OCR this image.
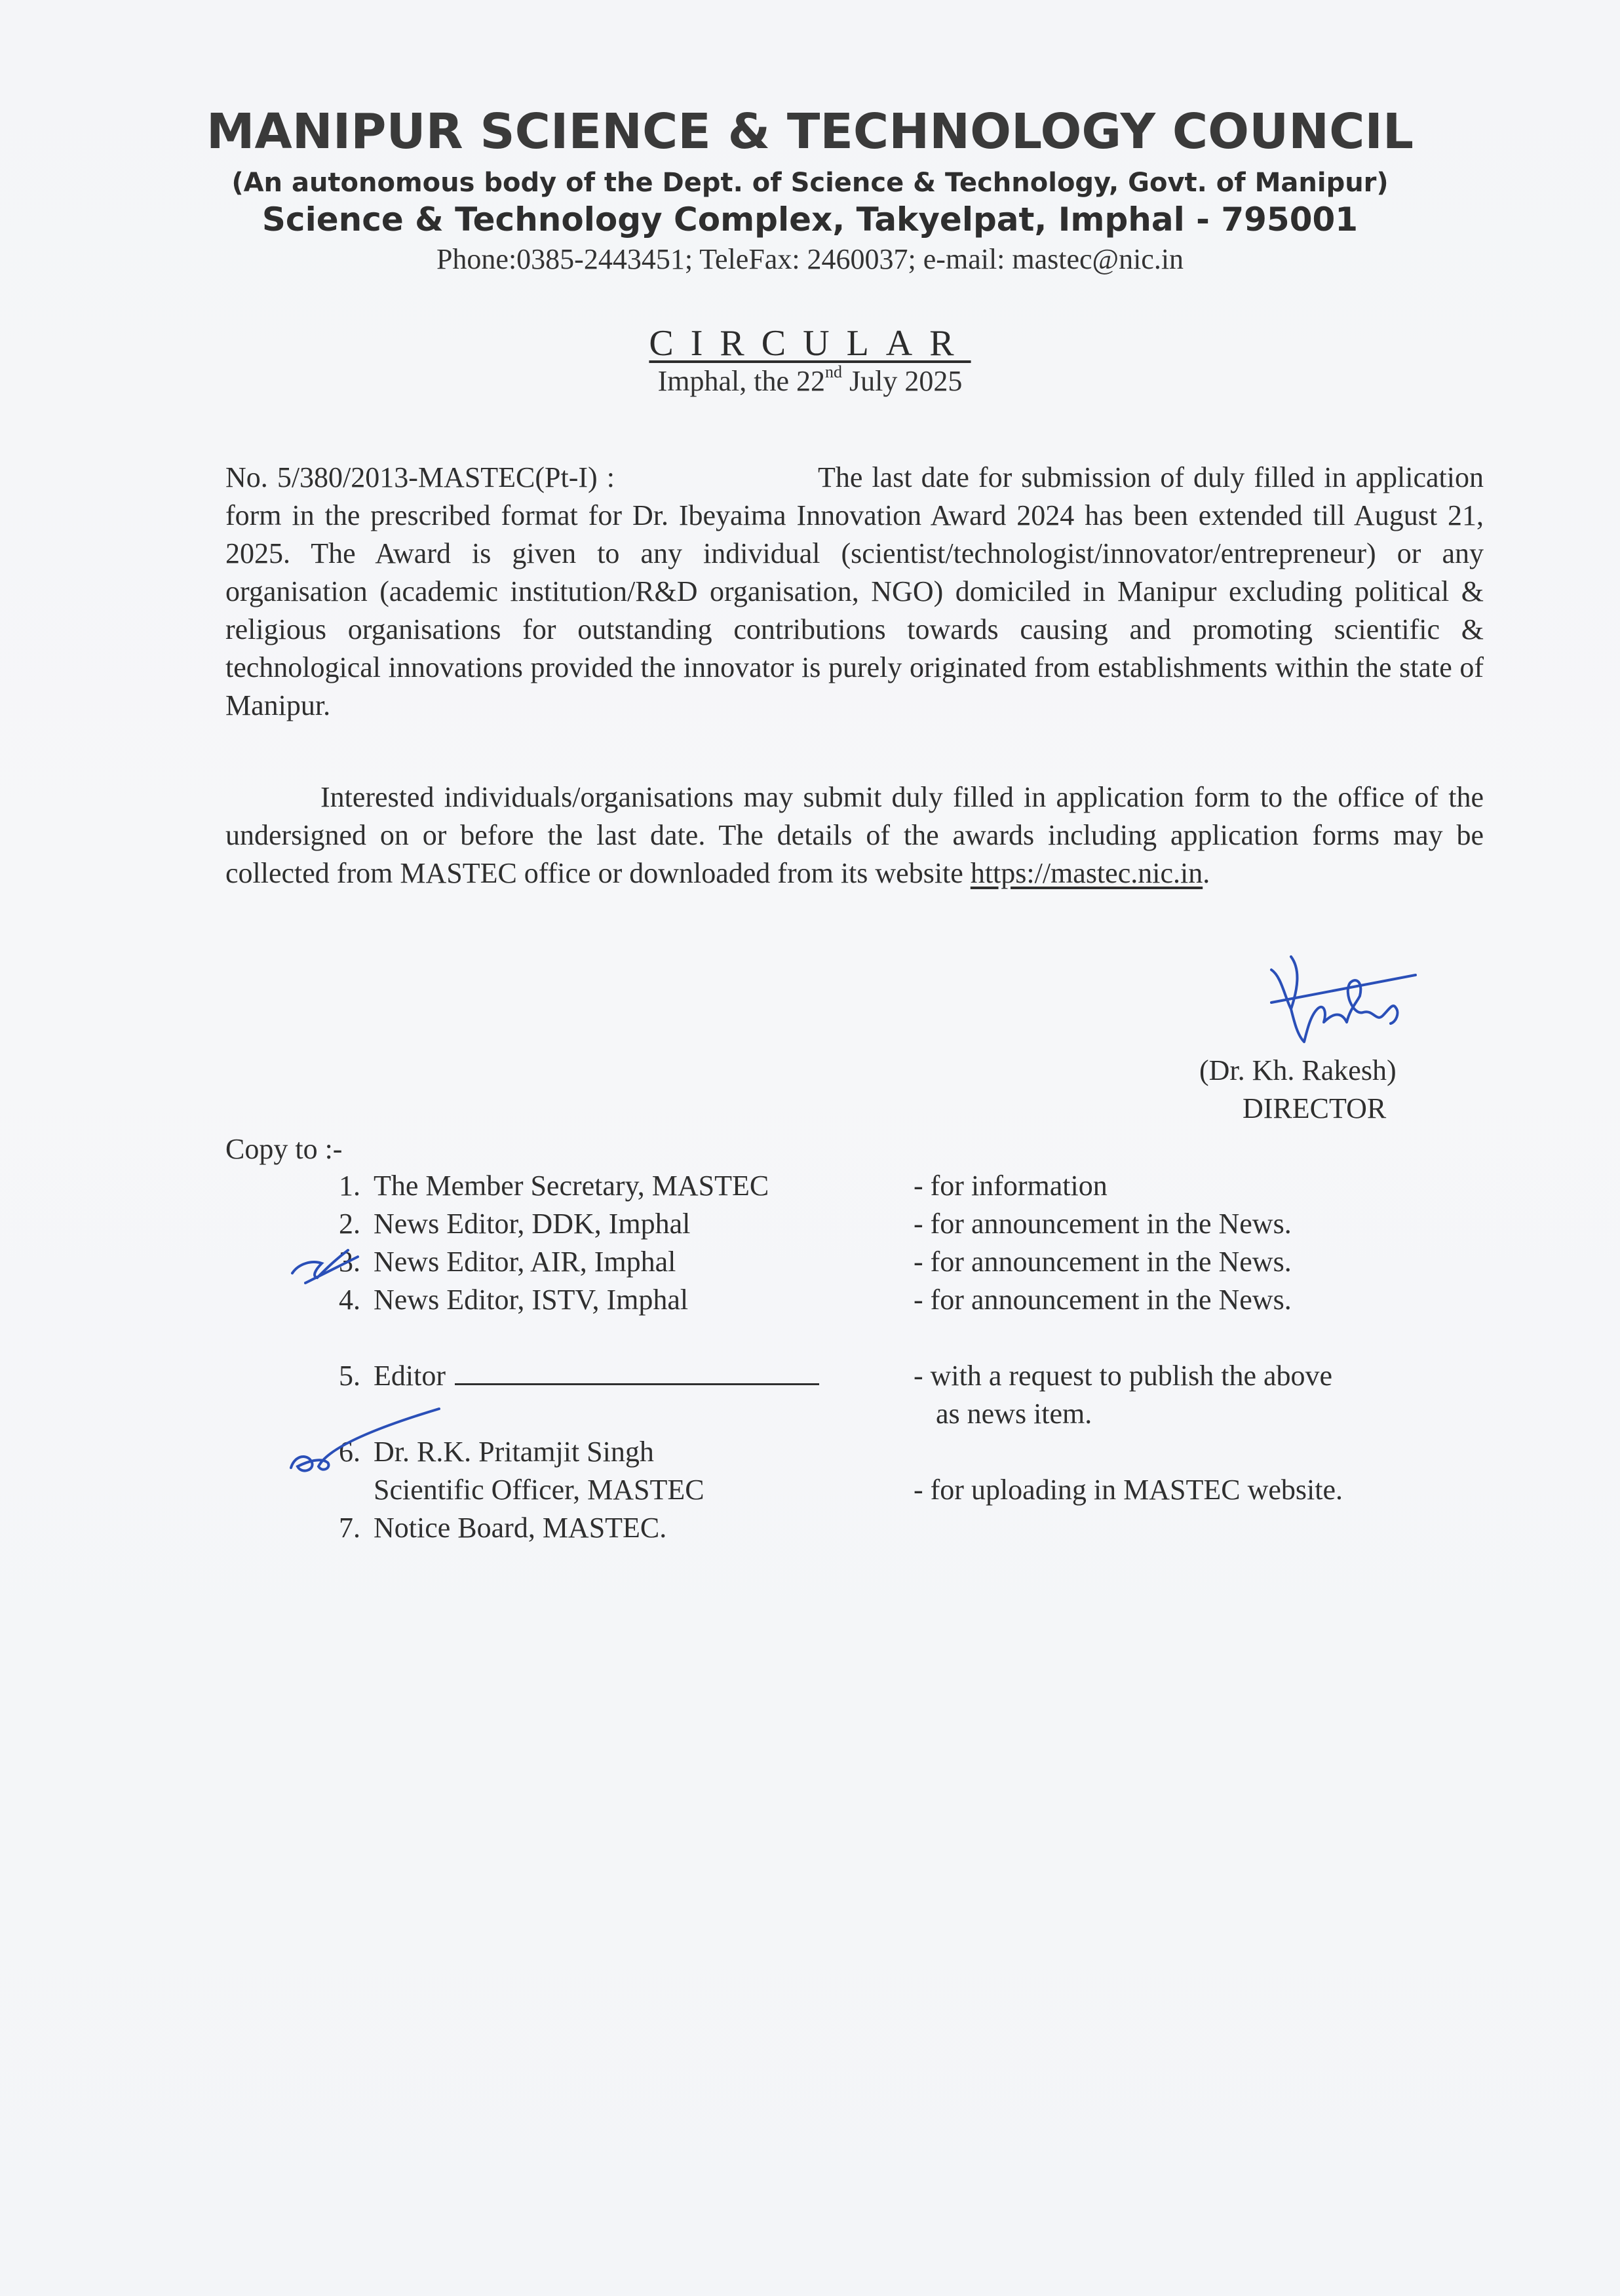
MANIPUR SCIENCE & TECHNOLOGY COUNCIL
(An autonomous body of the Dept. of Science & Technology, Govt. of Manipur)
Science & Technology Complex, Takyelpat, Imphal - 795001
Phone:0385-2443451; TeleFax: 2460037; e-mail: mastec@nic.in
CIRCULAR
Imphal, the 22nd July 2025
No. 5/380/2013-MASTEC(Pt-I) :	The last date for submission of duly filled in application form in the prescribed format for Dr. Ibeyaima Innovation Award 2024 has been extended till August 21, 2025. The Award is given to any individual (scientist/technologist/innovator/entrepreneur) or any organisation (academic institution/R&D organisation, NGO) domiciled in Manipur excluding political & religious organisations for outstanding contributions towards causing and promoting scientific & technological innovations provided the innovator is purely originated from establishments within the state of Manipur.
Interested individuals/organisations may submit duly filled in application form to the office of the undersigned on or before the last date. The details of the awards including application forms may be collected from MASTEC office or downloaded from its website https://mastec.nic.in.
(Dr. Kh. Rakesh)
DIRECTOR
Copy to :-
1. The Member Secretary, MASTEC	- for information
2. News Editor, DDK, Imphal	- for announcement in the News.
3. News Editor, AIR, Imphal	- for announcement in the News.
4. News Editor, ISTV, Imphal	- for announcement in the News.
5. Editor	- with a request to publish the above
as news item.
6. Dr. R.K. Pritamjit Singh
Scientific Officer, MASTEC	- for uploading in MASTEC website.
7. Notice Board, MASTEC.
